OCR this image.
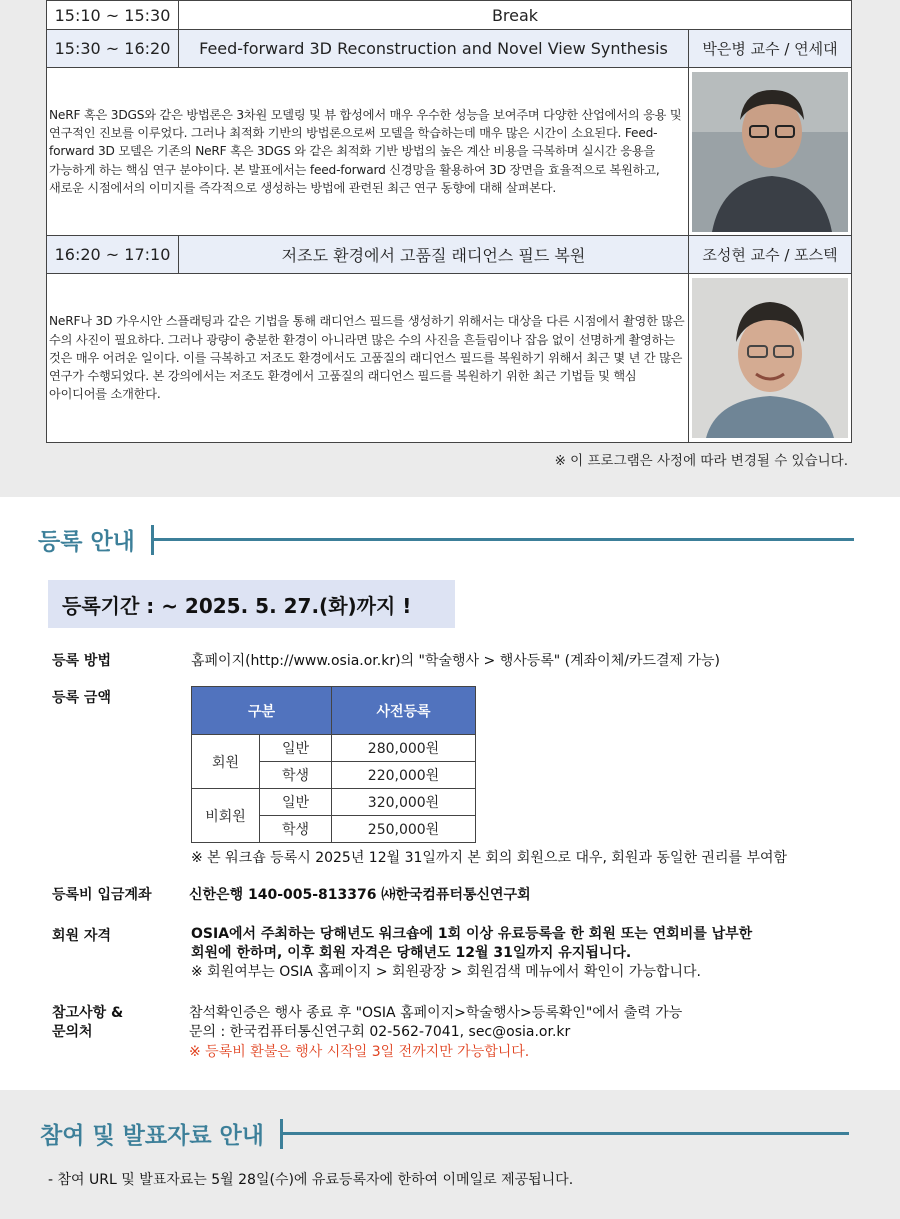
15:10 ~ 15:30	Break
15:30 ~ 16:20	Feed-forward 3D Reconstruction and Novel View Synthesis	박은병 교수 / 연세대
NeRF 혹은 3DGS와 같은 방법론은 3차원 모델링 및 뷰 합성에서 매우 우수한 성능을 보여주며 다양한 산업에서의 응용 및 연구적인 진보를 이루었다. 그러나 최적화 기반의 방법론으로써 모델을 학습하는데 매우 많은 시간이 소요된다. Feed-forward 3D 모델은 기존의 NeRF 혹은 3DGS 와 같은 최적화 기반 방법의 높은 계산 비용을 극복하며 실시간 응용을 가능하게 하는 핵심 연구 분야이다. 본 발표에서는 feed-forward 신경망을 활용하여 3D 장면을 효율적으로 복원하고, 새로운 시점에서의 이미지를 즉각적으로 생성하는 방법에 관련된 최근 연구 동향에 대해 살펴본다.
16:20 ~ 17:10	저조도 환경에서 고품질 래디언스 필드 복원	조성현 교수 / 포스텍
NeRF나 3D 가우시안 스플래팅과 같은 기법을 통해 래디언스 필드를 생성하기 위해서는 대상을 다른 시점에서 촬영한 많은 수의 사진이 필요하다. 그러나 광량이 충분한 환경이 아니라면 많은 수의 사진을 흔들림이나 잡음 없이 선명하게 촬영하는 것은 매우 어려운 일이다. 이를 극복하고 저조도 환경에서도 고품질의 래디언스 필드를 복원하기 위해서 최근 몇 년 간 많은 연구가 수행되었다. 본 강의에서는 저조도 환경에서 고품질의 래디언스 필드를 복원하기 위한 최근 기법들 및 핵심 아이디어를 소개한다.
※ 이 프로그램은 사정에 따라 변경될 수 있습니다.
등록 안내
등록기간 : ~ 2025. 5. 27.(화)까지 !
등록 방법	홈페이지(http://www.osia.or.kr)의 "학술행사 > 행사등록" (계좌이체/카드결제 가능)
등록 금액
구분		사전등록
회원	일반	280,000원
	학생	220,000원
비회원	일반	320,000원
	학생	250,000원
※ 본 워크숍 등록시 2025년 12월 31일까지 본 회의 회원으로 대우, 회원과 동일한 권리를 부여함
등록비 입금계좌	신한은행 140-005-813376 ㈔한국컴퓨터통신연구회
회원 자격	OSIA에서 주최하는 당해년도 워크숍에 1회 이상 유료등록을 한 회원 또는 연회비를 납부한
회원에 한하며, 이후 회원 자격은 당해년도 12월 31일까지 유지됩니다.
※ 회원여부는 OSIA 홈페이지 > 회원광장 > 회원검색 메뉴에서 확인이 가능합니다.
참고사항 &
문의처
참석확인증은 행사 종료 후 "OSIA 홈페이지>학술행사>등록확인"에서 출력 가능
문의 : 한국컴퓨터통신연구회 02-562-7041, sec@osia.or.kr
※ 등록비 환불은 행사 시작일 3일 전까지만 가능합니다.
참여 및 발표자료 안내
- 참여 URL 및 발표자료는 5월 28일(수)에 유료등록자에 한하여 이메일로 제공됩니다.
